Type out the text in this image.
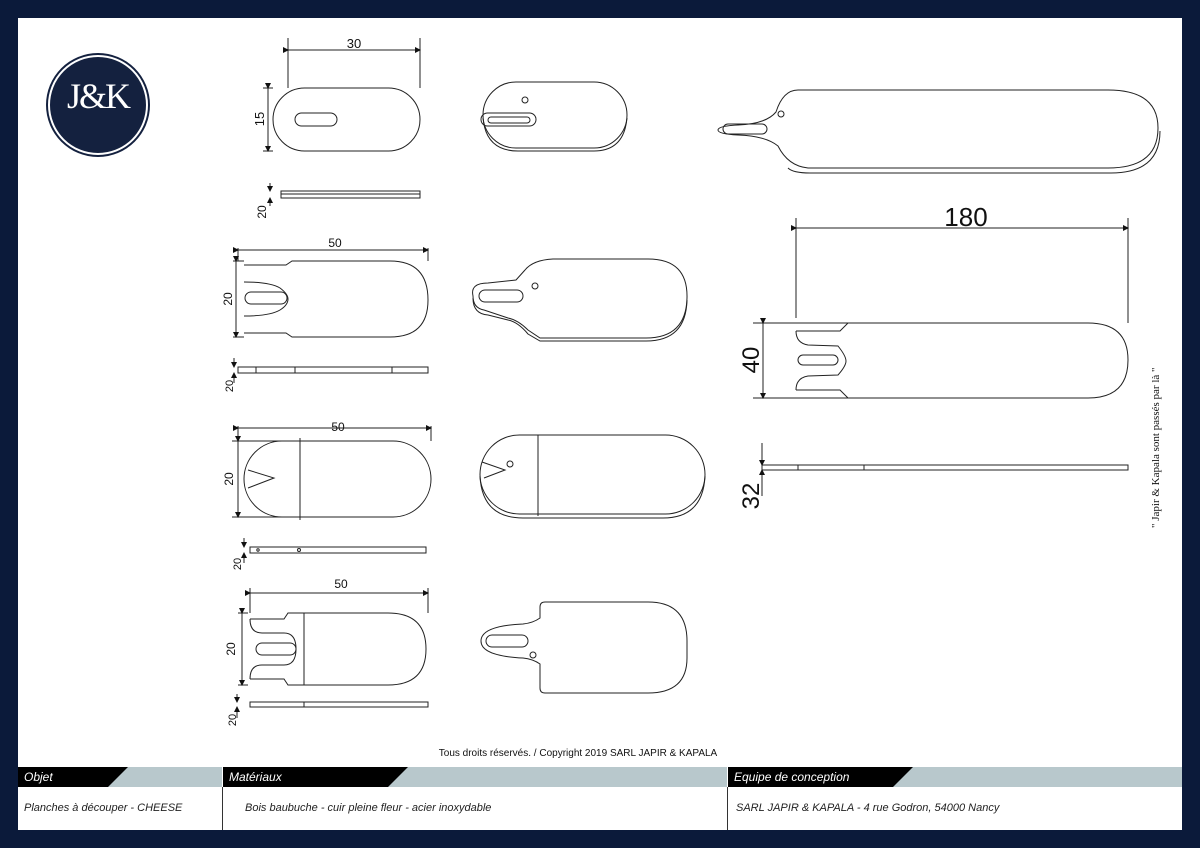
30
15
20
50
20
20
50
20
20
50
20
20
180
40
32
J&K
Tous droits réservés. / Copyright 2019 SARL JAPIR & KAPALA
" Japir & Kapala sont passés par là "
Objet	Matériaux	Equipe de conception
Planches à découper - CHEESE	Bois baubuche - cuir pleine fleur - acier inoxydable	SARL JAPIR & KAPALA - 4 rue Godron, 54000 Nancy
